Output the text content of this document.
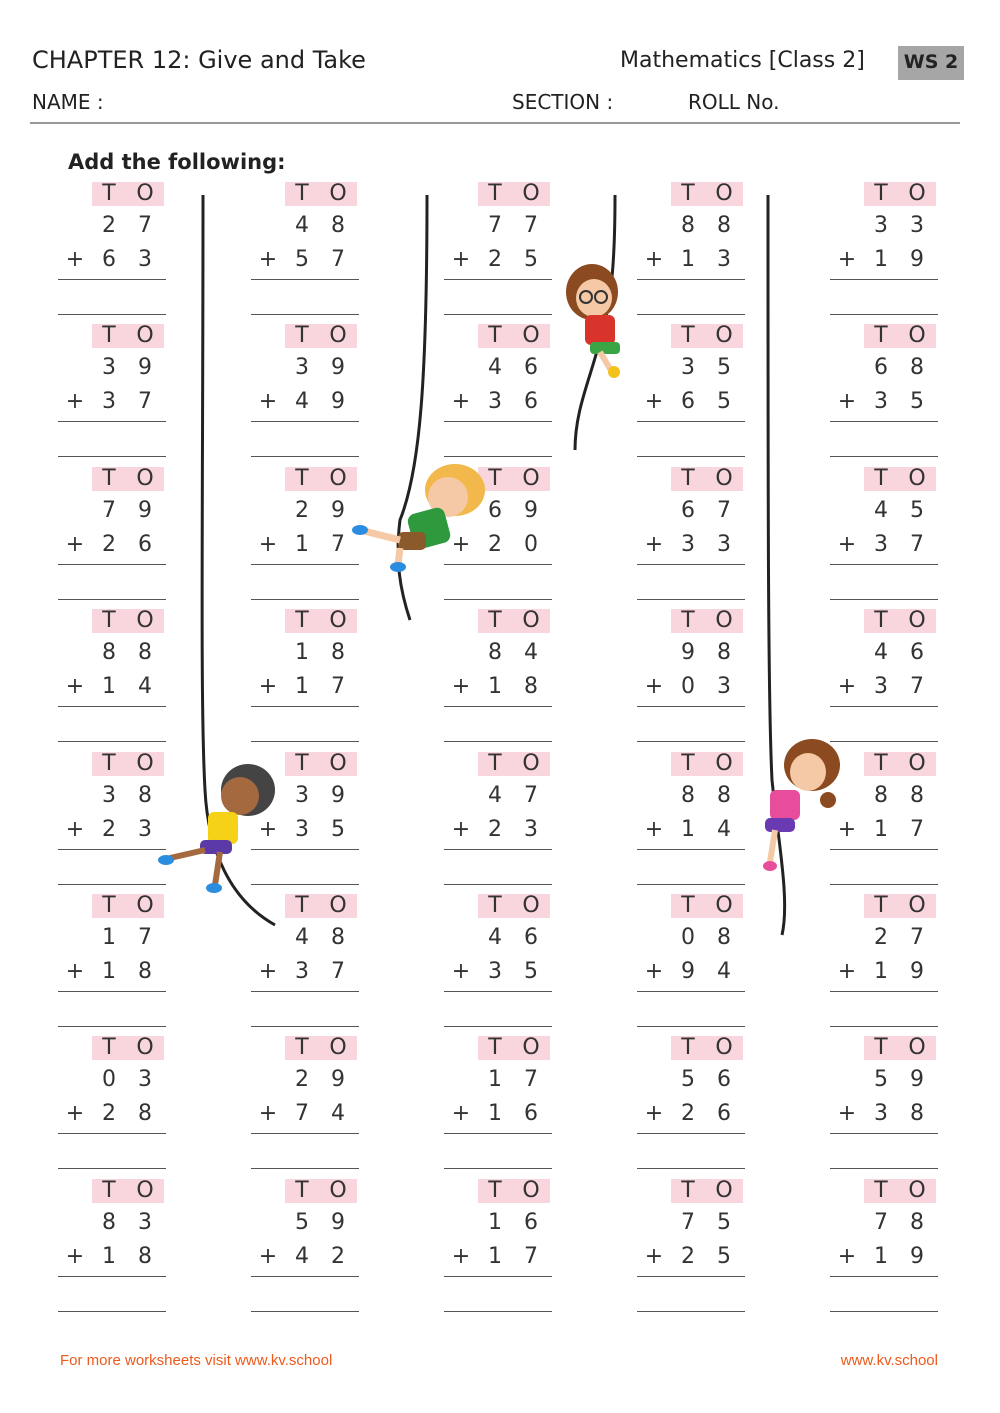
CHAPTER 12: Give and Take	Mathematics [Class 2]	WS 2
NAME :	SECTION :	ROLL No.
Add the following:
T O
2	7
+ 6	3
T O
4	8
+ 5	7
T O
7	7
+ 2	5
T O
8	8
+ 1	3
T O
3	3
+ 1	9
T O
3	9
+ 3	7
T O
3	9
+ 4	9
T O
4	6
+ 3	6
T O
3	5
+ 6	5
T O
6	8
+ 3	5
T O
7	9
+ 2	6
T O
2	9
+ 1	7
T O
6	9
+ 2	0
T O
6	7
+ 3	3
T O
4	5
+ 3	7
T O
8	8
+ 1	4
T O
1	8
+ 1	7
T O
8	4
+ 1	8
T O
9	8
+ 0	3
T O
4	6
+ 3	7
T O
3	8
+ 2	3
T O
3	9
+ 3	5
T O
4	7
+ 2	3
T O
8	8
+ 1	4
T O
8	8
+ 1	7
T O
1	7
+ 1	8
T O
4	8
+ 3	7
T O
4	6
+ 3	5
T O
0	8
+ 9	4
T O
2	7
+ 1	9
T O
0	3
+ 2	8
T O
2	9
+ 7	4
T O
1	7
+ 1	6
T O
5	6
+ 2	6
T O
5	9
+ 3	8
T O
8	3
+ 1	8
T O
5	9
+ 4	2
T O
1	6
+ 1	7
T O
7	5
+ 2	5
T O
7	8
+ 1	9
For more worksheets visit www.kv.school	www.kv.school
